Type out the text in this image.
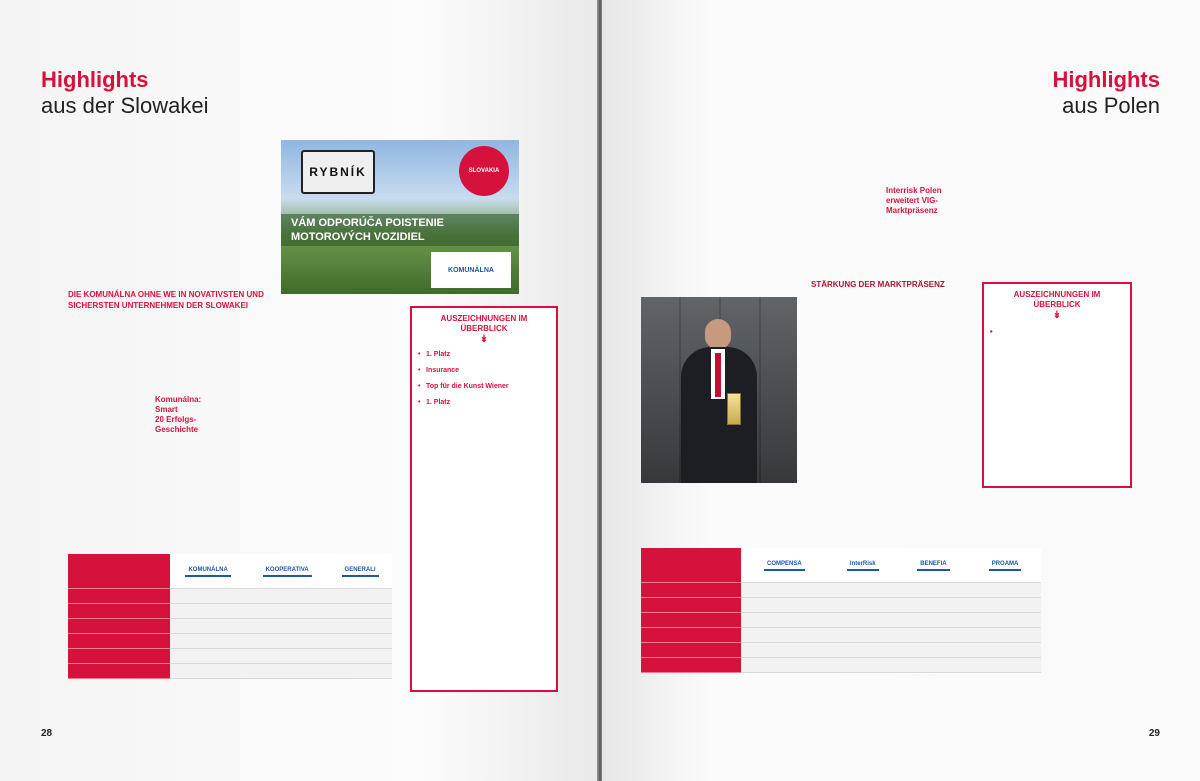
Highlights
aus der Slowakei
DIE KOMUNÁLNA OHNE WE IN NOVATIVSTEN UND SICHERSTEN UNTERNEHMEN DER SLOWAKEI
Komunálna:
Smart
20 Erfolgs-
Geschichte
RYBNÍK	SLOVAKIA
VÁM ODPORÚČA POISTENIE
MOTOROVÝCH VOZIDIEL
KOMUNÁLNA
AUSZEICHNUNGEN IM
ÜBERBLICK
↡
• 1. Platz
• Insurance
• Top für die Kunst Wiener
• 1. Platz
	KOMUNÁLNA	KOOPERATIVA	GENERALI

28
Highlights
aus Polen
STÄRKUNG DER MARKTPRÄSENZ
Interrisk Polen
erweitert VIG-
Marktpräsenz
AUSZEICHNUNGEN IM
ÜBERBLICK
↡
	COMPENSA	InterRisk	BENEFIA	PROAMA

29
